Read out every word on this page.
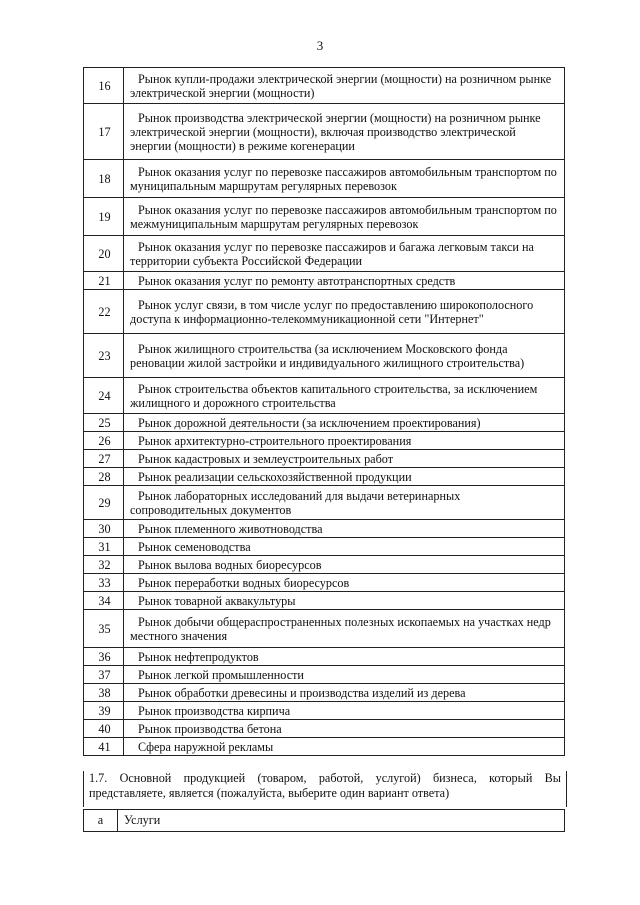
3
16	Рынок купли-продажи электрической энергии (мощности) на розничном рынке электрической энергии (мощности)
17	Рынок производства электрической энергии (мощности) на розничном рынке электрической энергии (мощности), включая производство электрической энергии (мощности) в режиме когенерации
18	Рынок оказания услуг по перевозке пассажиров автомобильным транспортом по муниципальным маршрутам регулярных перевозок
19	Рынок оказания услуг по перевозке пассажиров автомобильным транспортом по межмуниципальным маршрутам регулярных перевозок
20	Рынок оказания услуг по перевозке пассажиров и багажа легковым такси на территории субъекта Российской Федерации
21	Рынок оказания услуг по ремонту автотранспортных средств
22	Рынок услуг связи, в том числе услуг по предоставлению широкополосного доступа к информационно-телекоммуникационной сети "Интернет"
23	Рынок жилищного строительства (за исключением Московского фонда реновации жилой застройки и индивидуального жилищного строительства)
24	Рынок строительства объектов капитального строительства, за исключением жилищного и дорожного строительства
25	Рынок дорожной деятельности (за исключением проектирования)
26	Рынок архитектурно-строительного проектирования
27	Рынок кадастровых и землеустроительных работ
28	Рынок реализации сельскохозяйственной продукции
29	Рынок лабораторных исследований для выдачи ветеринарных сопроводительных документов
30	Рынок племенного животноводства
31	Рынок семеноводства
32	Рынок вылова водных биоресурсов
33	Рынок переработки водных биоресурсов
34	Рынок товарной аквакультуры
35	Рынок добычи общераспространенных полезных ископаемых на участках недр местного значения
36	Рынок нефтепродуктов
37	Рынок легкой промышленности
38	Рынок обработки древесины и производства изделий из дерева
39	Рынок производства кирпича
40	Рынок производства бетона
41	Сфера наружной рекламы
1.7. Основной продукцией (товаром, работой, услугой) бизнеса, который Вы представляете, является (пожалуйста, выберите один вариант ответа)
а	Услуги
